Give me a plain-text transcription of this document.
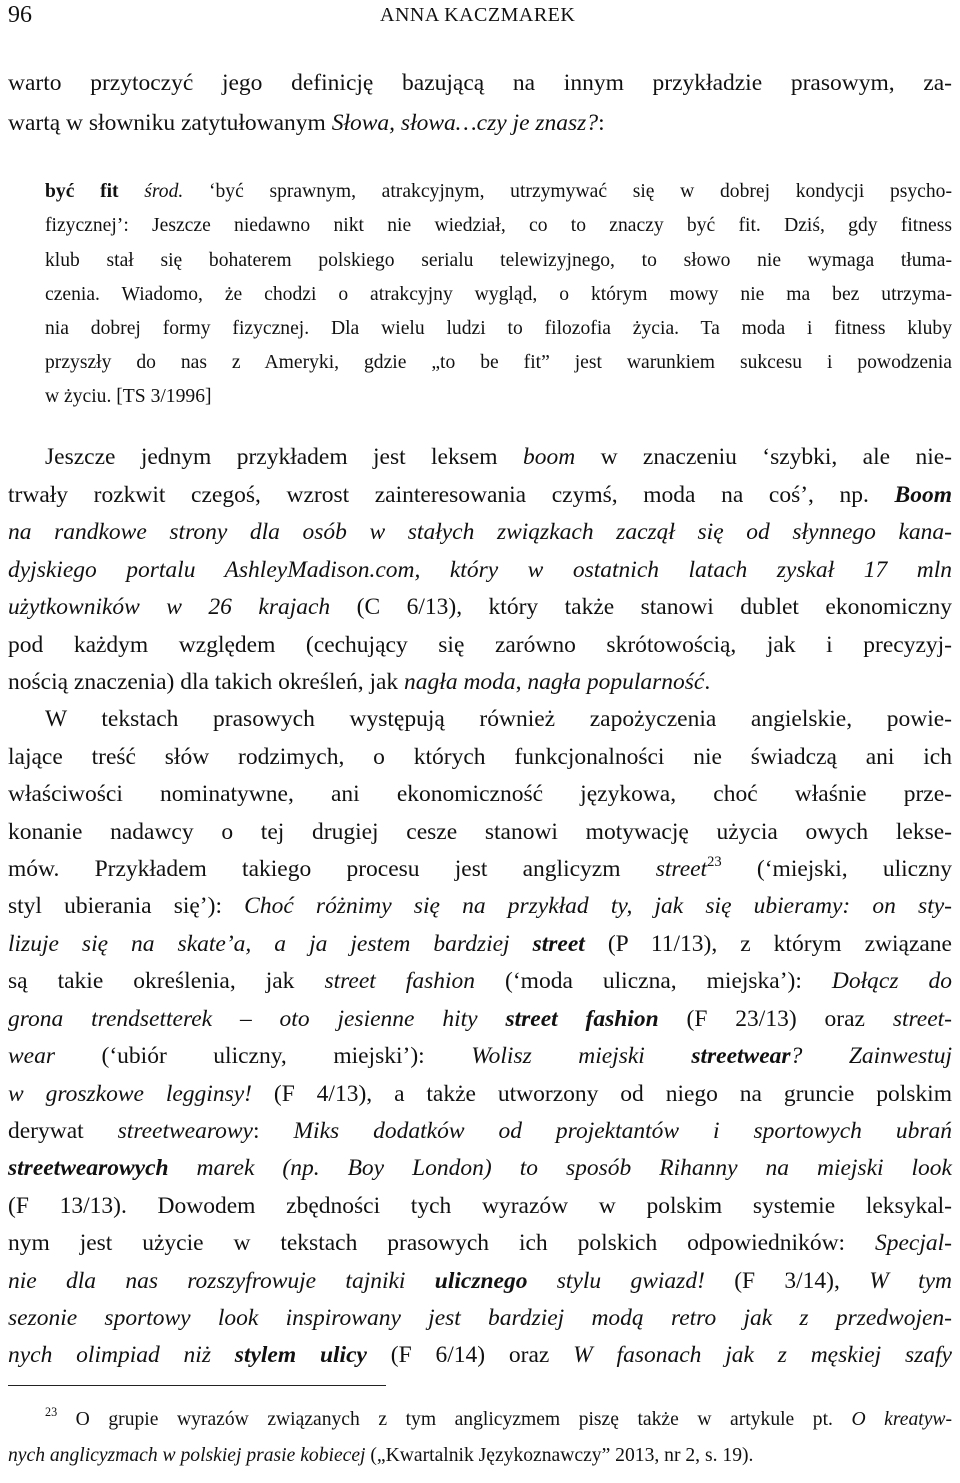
96	ANNA KACZMAREK
warto przytoczyć jego definicję bazującą na innym przykładzie prasowym, za-
wartą w słowniku zatytułowanym Słowa, słowa…czy je znasz?:
być fit środ. ‘być sprawnym, atrakcyjnym, utrzymywać się w dobrej kondycji psycho-
fizycznej’: Jeszcze niedawno nikt nie wiedział, co to znaczy być fit. Dziś, gdy fitness
klub stał się bohaterem polskiego serialu telewizyjnego, to słowo nie wymaga tłuma-
czenia. Wiadomo, że chodzi o atrakcyjny wygląd, o którym mowy nie ma bez utrzyma-
nia dobrej formy fizycznej. Dla wielu ludzi to filozofia życia. Ta moda i fitness kluby
przyszły do nas z Ameryki, gdzie „to be fit” jest warunkiem sukcesu i powodzenia
w życiu. [TS 3/1996]
Jeszcze jednym przykładem jest leksem boom w znaczeniu ‘szybki, ale nie-
trwały rozkwit czegoś, wzrost zainteresowania czymś, moda na coś’, np. Boom
na randkowe strony dla osób w stałych związkach zaczął się od słynnego kana-
dyjskiego portalu AshleyMadison.com, który w ostatnich latach zyskał 17 mln
użytkowników w 26 krajach (C 6/13), który także stanowi dublet ekonomiczny
pod każdym względem (cechujący się zarówno skrótowością, jak i precyzyj-
nością znaczenia) dla takich określeń, jak nagła moda, nagła popularność.
W tekstach prasowych występują również zapożyczenia angielskie, powie-
lające treść słów rodzimych, o których funkcjonalności nie świadczą ani ich
właściwości nominatywne, ani ekonomiczność językowa, choć właśnie prze-
konanie nadawcy o tej drugiej cesze stanowi motywację użycia owych lekse-
mów. Przykładem takiego procesu jest anglicyzm street$^{23}$ (‘miejski, uliczny
styl ubierania się’): Choć różnimy się na przykład ty, jak się ubieramy: on sty-
lizuje się na skate’a, a ja jestem bardziej street (P 11/13), z którym związane
są takie określenia, jak street fashion (‘moda uliczna, miejska’): Dołącz do
grona trendsetterek – oto jesienne hity street fashion (F 23/13) oraz street-
wear (‘ubiór uliczny, miejski’): Wolisz miejski streetwear? Zainwestuj
w groszkowe legginsy! (F 4/13), a także utworzony od niego na gruncie polskim
derywat streetwearowy: Miks dodatków od projektantów i sportowych ubrań
streetwearowych marek (np. Boy London) to sposób Rihanny na miejski look
(F 13/13). Dowodem zbędności tych wyrazów w polskim systemie leksykal-
nym jest użycie w tekstach prasowych ich polskich odpowiedników: Specjal-
nie dla nas rozszyfrowuje tajniki ulicznego stylu gwiazd! (F 3/14), W tym
sezonie sportowy look inspirowany jest bardziej modą retro jak z przedwojen-
nych olimpiad niż stylem ulicy (F 6/14) oraz W fasonach jak z męskiej szafy
$^{23}$ O grupie wyrazów związanych z tym anglicyzmem piszę także w artykule pt. O kreatyw-
nych anglicyzmach w polskiej prasie kobiecej („Kwartalnik Językoznawczy” 2013, nr 2, s. 19).
